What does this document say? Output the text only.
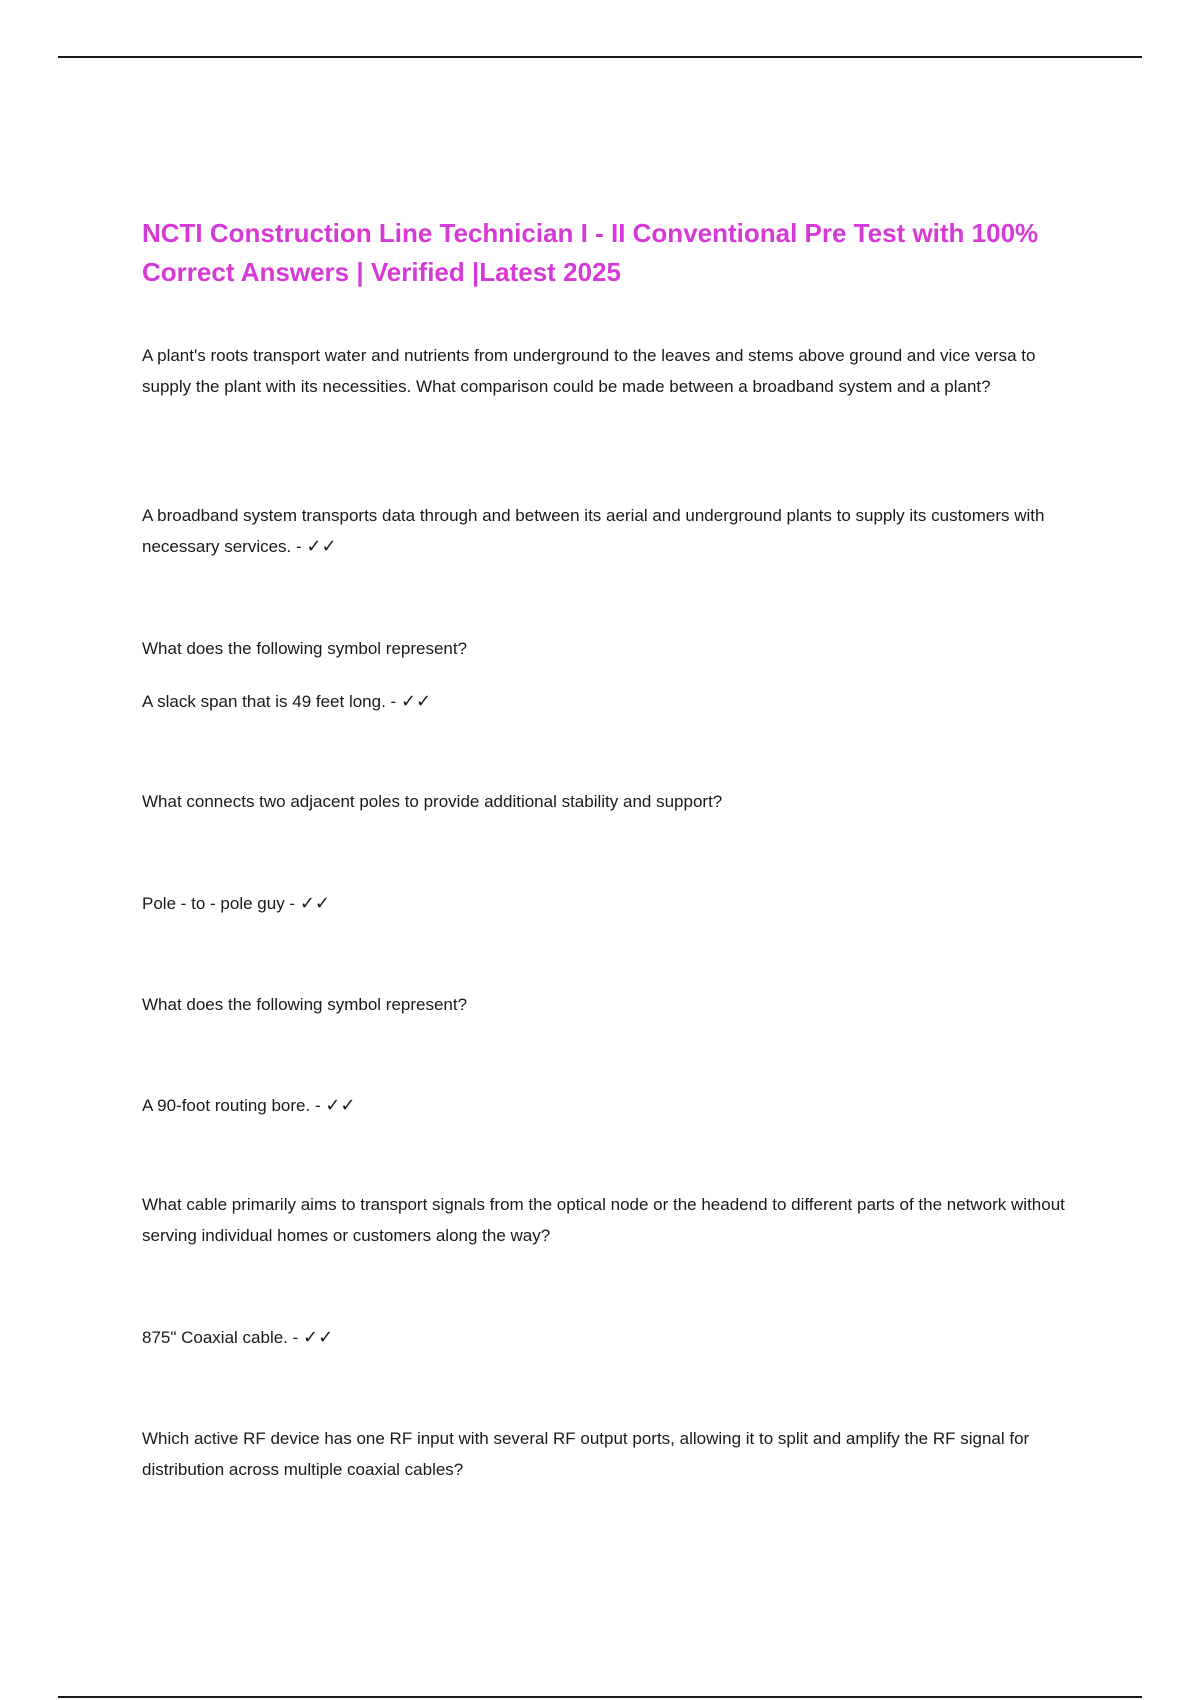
NCTI Construction Line Technician I - II Conventional Pre Test with 100% Correct Answers | Verified |Latest 2025

A plant's roots transport water and nutrients from underground to the leaves and stems above ground and vice versa to supply the plant with its necessities. What comparison could be made between a broadband system and a plant?

A broadband system transports data through and between its aerial and underground plants to supply its customers with necessary services. - ✓✓

What does the following symbol represent?

A slack span that is 49 feet long. - ✓✓

What connects two adjacent poles to provide additional stability and support?

Pole - to - pole guy - ✓✓

What does the following symbol represent?

A 90-foot routing bore. - ✓✓

What cable primarily aims to transport signals from the optical node or the headend to different parts of the network without serving individual homes or customers along the way?

875" Coaxial cable. - ✓✓

Which active RF device has one RF input with several RF output ports, allowing it to split and amplify the RF signal for distribution across multiple coaxial cables?
